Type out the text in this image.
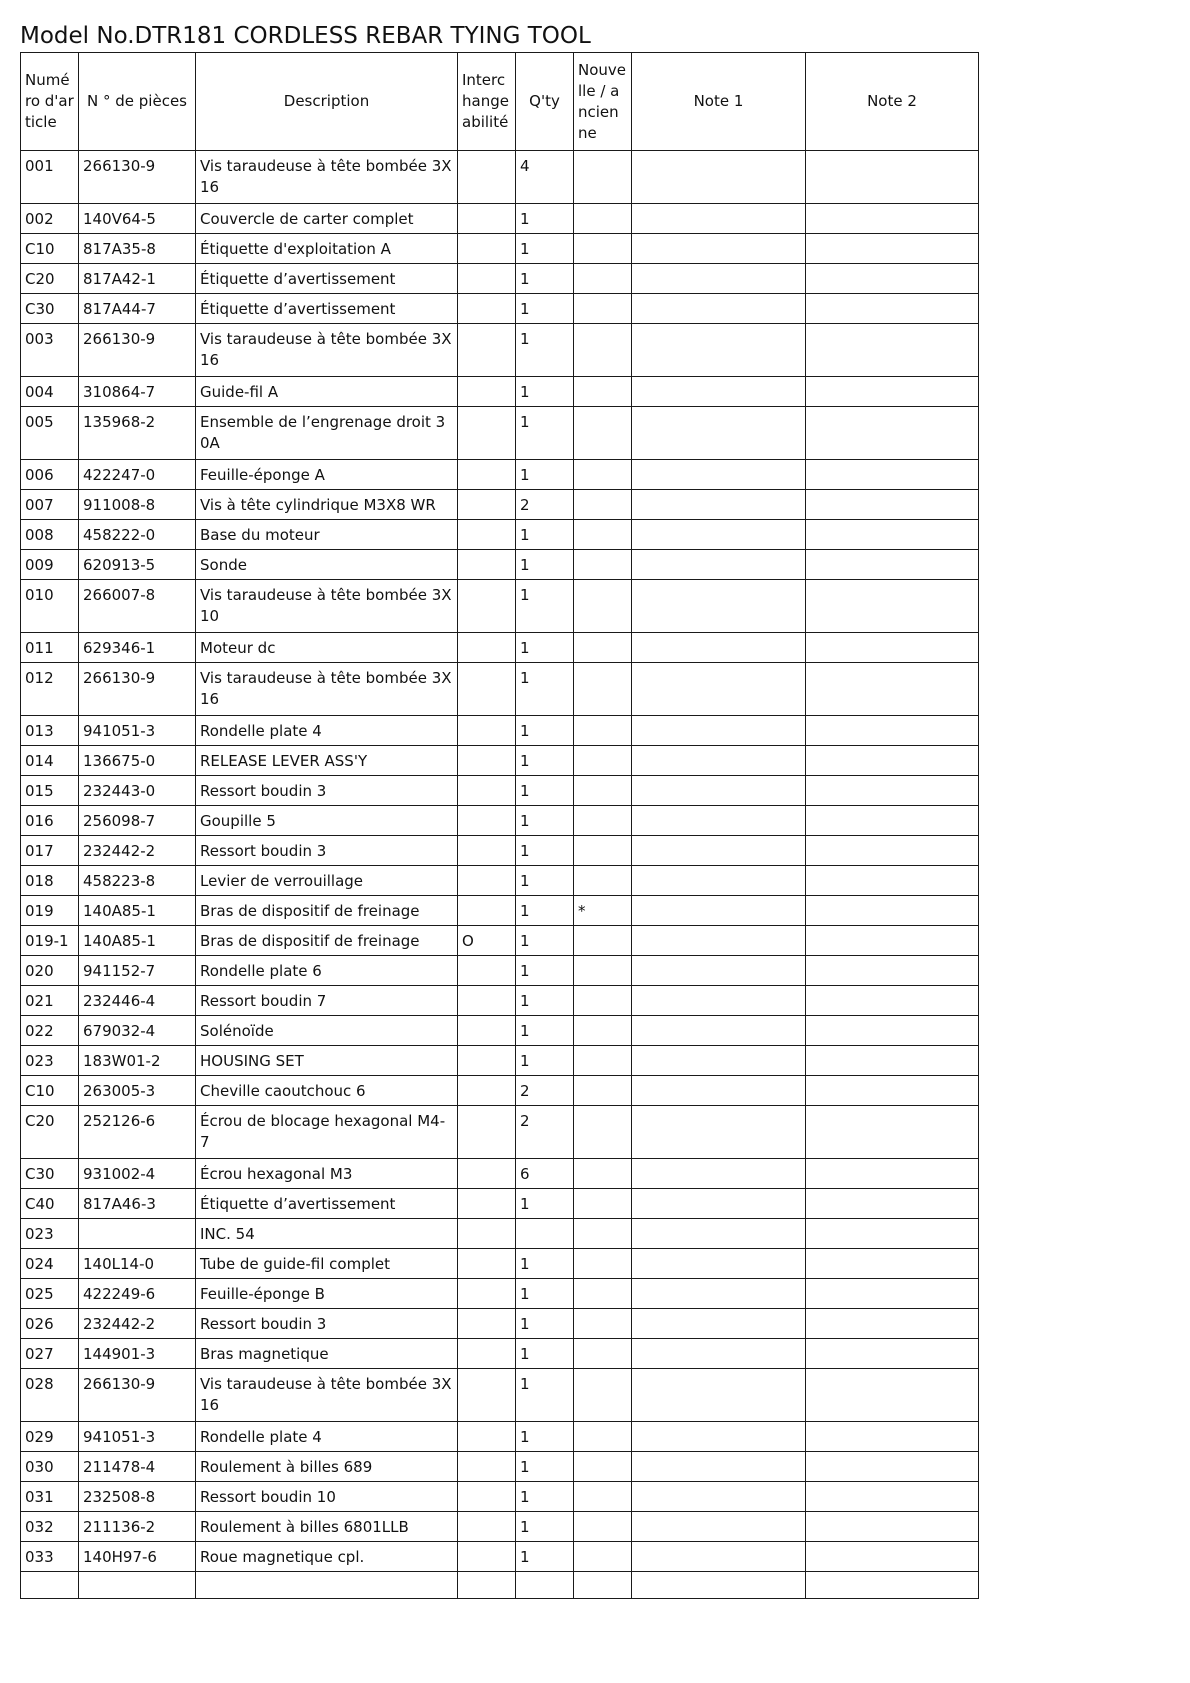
Model No.DTR181 CORDLESS REBAR TYING TOOL
Numéro d'article	N ° de pièces	Description	Interchangeabilité	Q'ty	Nouvelle / ancienne	Note 1	Note 2
001	266130-9	Vis taraudeuse à tête bombée 3X16		4			
002	140V64-5	Couvercle de carter complet		1			
C10	817A35-8	Étiquette d'exploitation A		1			
C20	817A42-1	Étiquette d’avertissement		1			
C30	817A44-7	Étiquette d’avertissement		1			
003	266130-9	Vis taraudeuse à tête bombée 3X16		1			
004	310864-7	Guide-fil A		1			
005	135968-2	Ensemble de l’engrenage droit 30A		1			
006	422247-0	Feuille-éponge A		1			
007	911008-8	Vis à tête cylindrique M3X8 WR		2			
008	458222-0	Base du moteur		1			
009	620913-5	Sonde		1			
010	266007-8	Vis taraudeuse à tête bombée 3X10		1			
011	629346-1	Moteur dc		1			
012	266130-9	Vis taraudeuse à tête bombée 3X16		1			
013	941051-3	Rondelle plate 4		1			
014	136675-0	RELEASE LEVER ASS'Y		1			
015	232443-0	Ressort boudin 3		1			
016	256098-7	Goupille 5		1			
017	232442-2	Ressort boudin 3		1			
018	458223-8	Levier de verrouillage		1			
019	140A85-1	Bras de dispositif de freinage		1	*		
019-1	140A85-1	Bras de dispositif de freinage	O	1			
020	941152-7	Rondelle plate 6		1			
021	232446-4	Ressort boudin 7		1			
022	679032-4	Solénoïde		1			
023	183W01-2	HOUSING SET		1			
C10	263005-3	Cheville caoutchouc 6		2			
C20	252126-6	Écrou de blocage hexagonal M4-7		2			
C30	931002-4	Écrou hexagonal M3		6			
C40	817A46-3	Étiquette d’avertissement		1			
023		INC. 54					
024	140L14-0	Tube de guide-fil complet		1			
025	422249-6	Feuille-éponge B		1			
026	232442-2	Ressort boudin 3		1			
027	144901-3	Bras magnetique		1			
028	266130-9	Vis taraudeuse à tête bombée 3X16		1			
029	941051-3	Rondelle plate 4		1			
030	211478-4	Roulement à billes 689		1			
031	232508-8	Ressort boudin 10		1			
032	211136-2	Roulement à billes 6801LLB		1			
033	140H97-6	Roue magnetique cpl.		1			
